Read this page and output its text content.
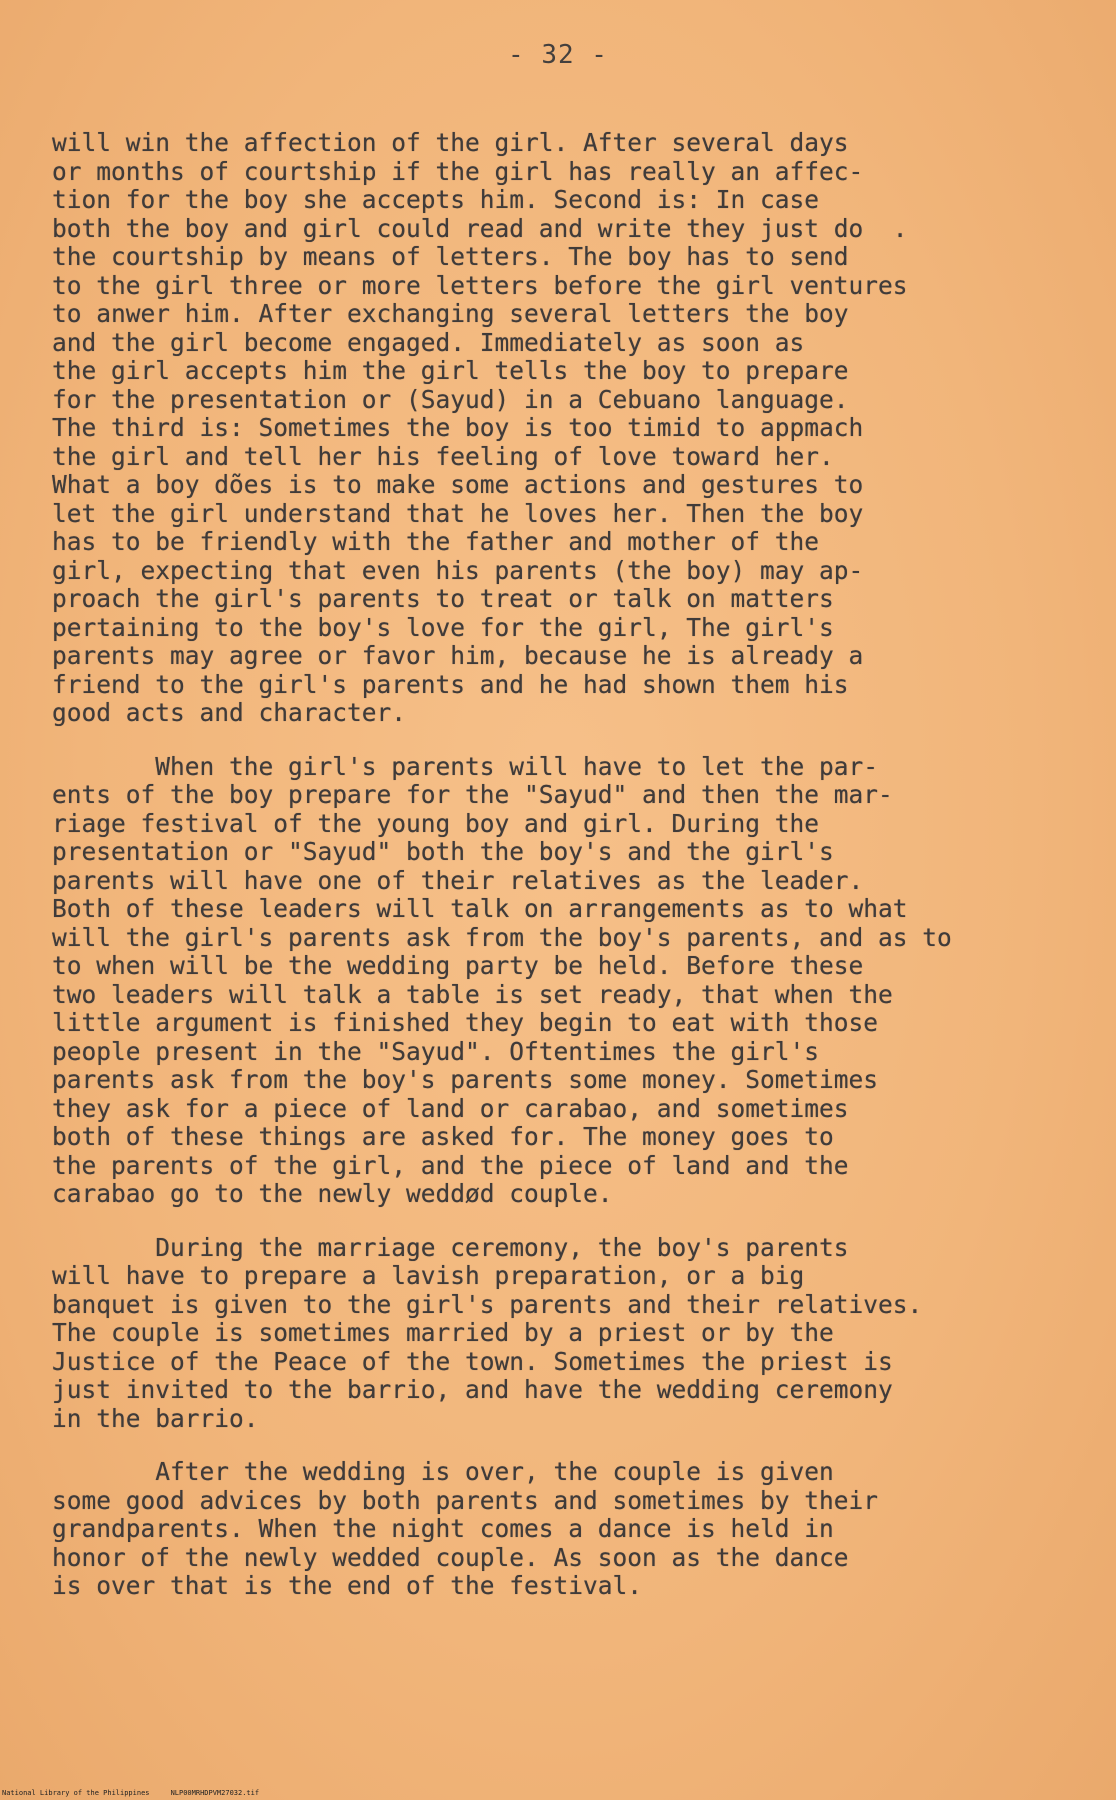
- 32 -
will win the affection of the girl. After several days
or months of courtship if the girl has really an affec-
tion for the boy she accepts him. Second is: In case
both the boy and girl could read and write they just do  .
the courtship by means of letters. The boy has to send
to the girl three or more letters before the girl ventures
to anwer him. After exchanging several letters the boy
and the girl become engaged. Immediately as soon as
the girl accepts him the girl tells the boy to prepare
for the presentation or (Sayud) in a Cebuano language.
The third is: Sometimes the boy is too timid to appmach
the girl and tell her his feeling of love toward her.
What a boy dões is to make some actions and gestures to
let the girl understand that he loves her. Then the boy
has to be friendly with the father and mother of the
girl, expecting that even his parents (the boy) may ap-
proach the girl's parents to treat or talk on matters
pertaining to the boy's love for the girl, The girl's
parents may agree or favor him, because he is already a
friend to the girl's parents and he had shown them his
good acts and character.
When the girl's parents will have to let the par-
ents of the boy prepare for the "Sayud" and then the mar-
riage festival of the young boy and girl. During the
presentation or "Sayud" both the boy's and the girl's
parents will have one of their relatives as the leader.
Both of these leaders will talk on arrangements as to what
will the girl's parents ask from the boy's parents, and as to
to when will be the wedding party be held. Before these
two leaders will talk a table is set ready, that when the
little argument is finished they begin to eat with those
people present in the "Sayud". Oftentimes the girl's
parents ask from the boy's parents some money. Sometimes
they ask for a piece of land or carabao, and sometimes
both of these things are asked for. The money goes to
the parents of the girl, and the piece of land and the
carabao go to the newly weddød couple.
During the marriage ceremony, the boy's parents
will have to prepare a lavish preparation, or a big
banquet is given to the girl's parents and their relatives.
The couple is sometimes married by a priest or by the
Justice of the Peace of the town. Sometimes the priest is
just invited to the barrio, and have the wedding ceremony
in the barrio.
After the wedding is over, the couple is given
some good advices by both parents and sometimes by their
grandparents. When the night comes a dance is held in
honor of the newly wedded couple. As soon as the dance
is over that is the end of the festival.
National Library of the Philippines     NLP00MRHDPVM27032.tif
